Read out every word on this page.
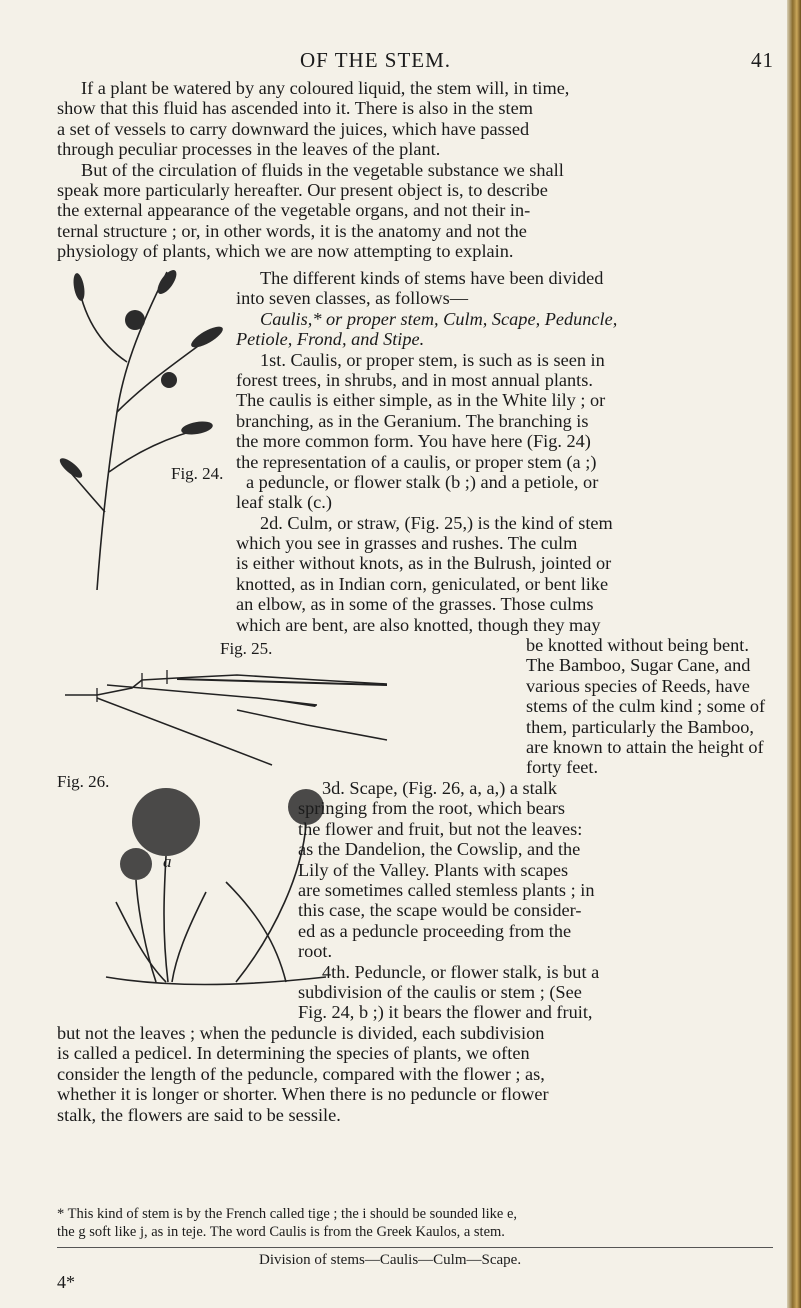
OF THE STEM.	41
If a plant be watered by any coloured liquid, the stem will, in time,
show that this fluid has ascended into it. There is also in the stem
a set of vessels to carry downward the juices, which have passed
through peculiar processes in the leaves of the plant.
But of the circulation of fluids in the vegetable substance we shall
speak more particularly hereafter. Our present object is, to describe
the external appearance of the vegetable organs, and not their in-
ternal structure ; or, in other words, it is the anatomy and not the
physiology of plants, which we are now attempting to explain.
Fig. 24.
The different kinds of stems have been divided
into seven classes, as follows—
Caulis,* or proper stem, Culm, Scape, Peduncle,
Petiole, Frond, and Stipe.
1st. Caulis, or proper stem, is such as is seen in
forest trees, in shrubs, and in most annual plants.
The caulis is either simple, as in the White lily ; or
branching, as in the Geranium. The branching is
the more common form. You have here (Fig. 24)
the representation of a caulis, or proper stem (a ;)
a peduncle, or flower stalk (b ;) and a petiole, or
leaf stalk (c.)
2d. Culm, or straw, (Fig. 25,) is the kind of stem
which you see in grasses and rushes. The culm
is either without knots, as in the Bulrush, jointed or
knotted, as in Indian corn, geniculated, or bent like
an elbow, as in some of the grasses. Those culms
which are bent, are also knotted, though they may
Fig. 25.	be knotted without being bent.
The Bamboo, Sugar Cane, and
various species of Reeds, have
stems of the culm kind ; some of
them, particularly the Bamboo,
are known to attain the height of
forty feet.
Fig. 26.
a
3d. Scape, (Fig. 26, a, a,) a stalk
springing from the root, which bears
the flower and fruit, but not the leaves:
as the Dandelion, the Cowslip, and the
Lily of the Valley. Plants with scapes
are sometimes called stemless plants ; in
this case, the scape would be consider-
ed as a peduncle proceeding from the
root.
4th. Peduncle, or flower stalk, is but a
subdivision of the caulis or stem ; (See
Fig. 24, b ;) it bears the flower and fruit,
but not the leaves ; when the peduncle is divided, each subdivision
is called a pedicel. In determining the species of plants, we often
consider the length of the peduncle, compared with the flower ; as,
whether it is longer or shorter. When there is no peduncle or flower
stalk, the flowers are said to be sessile.
* This kind of stem is by the French called tige ; the i should be sounded like e,
the g soft like j, as in teje. The word Caulis is from the Greek Kaulos, a stem.
Division of stems—Caulis—Culm—Scape.
4*
